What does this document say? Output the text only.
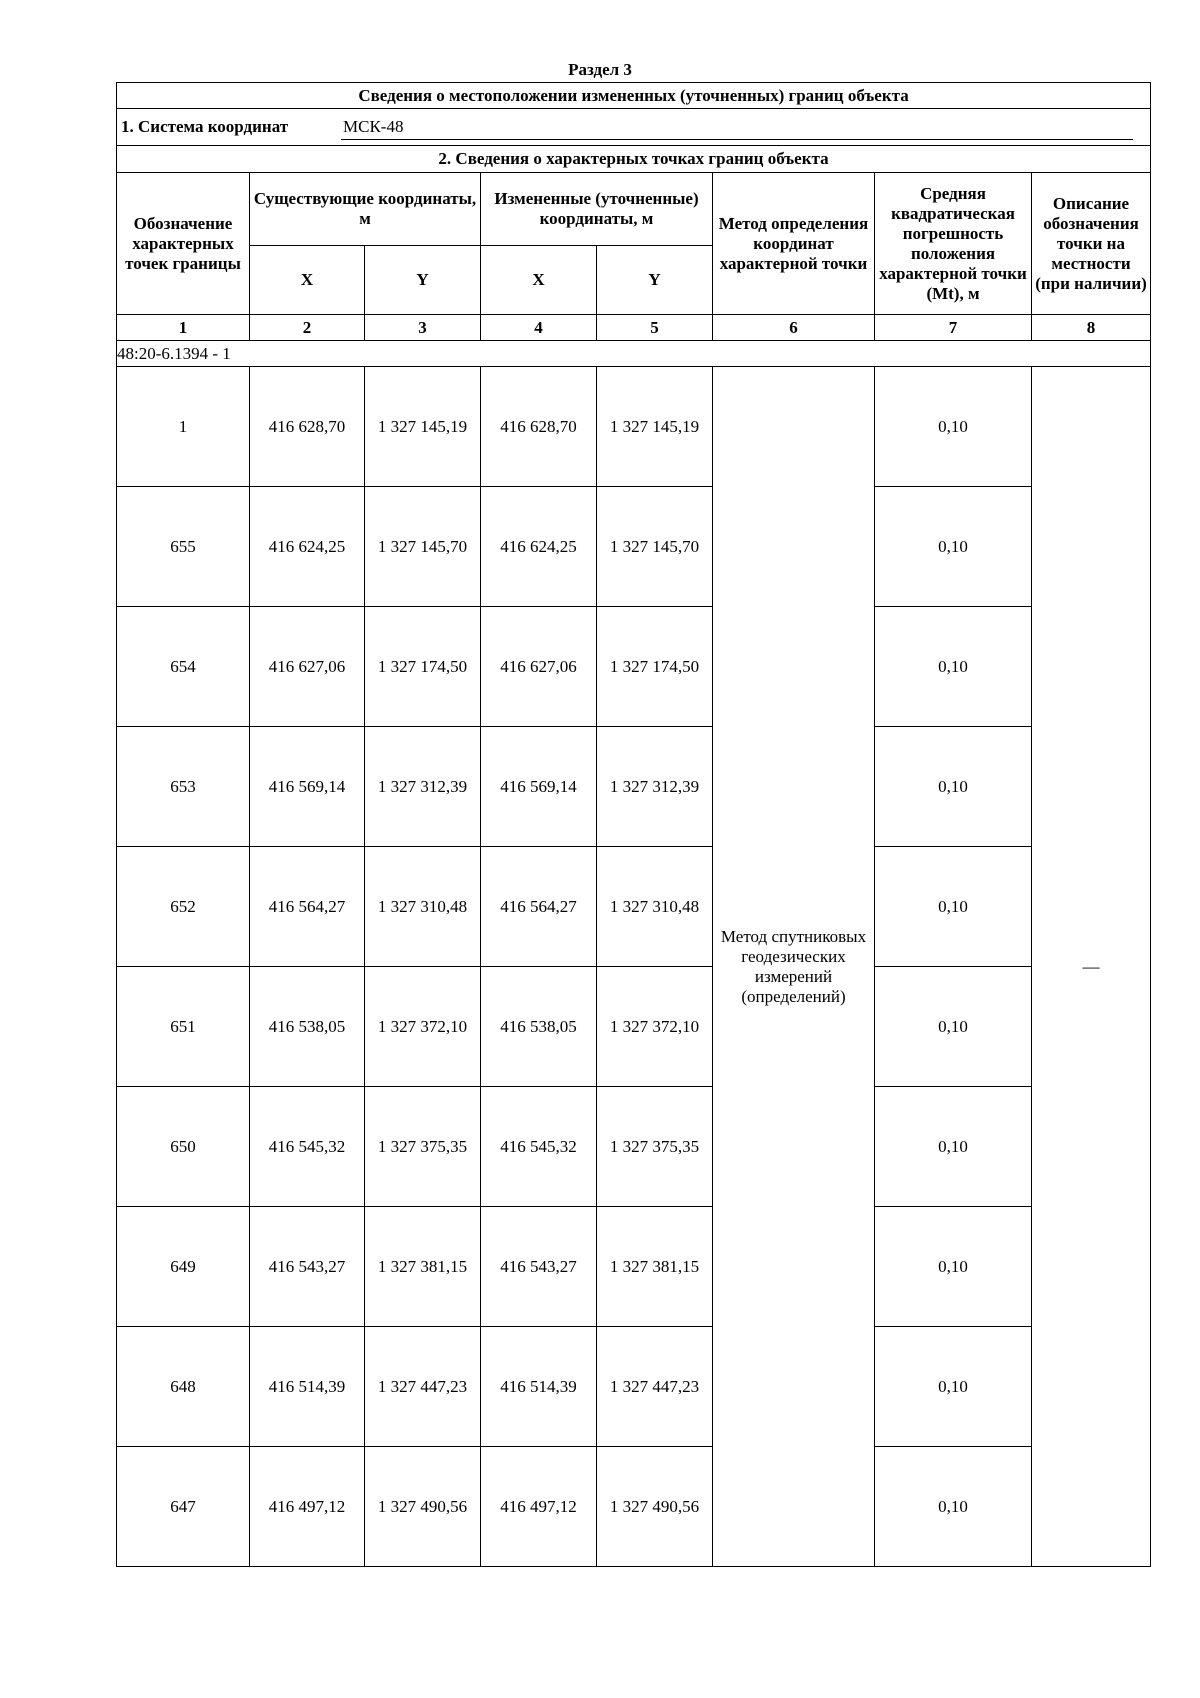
Раздел 3
Сведения о местоположении измененных (уточненных) границ объекта							
1. Система координат МСК-48							
2. Сведения о характерных точках границ объекта							
Обозначение характерных точек границы	Существующие координаты, м		Измененные (уточненные) координаты, м		Метод определения координат характерной точки	Средняя квадратическая погрешность положения характерной точки (Mt), м	Описание обозначения точки на местности (при наличии)
	X	Y	X	Y			
1	2	3	4	5	6	7	8
48:20-6.1394 - 1							
1	416 628,70	1 327 145,19	416 628,70	1 327 145,19	Метод спутниковых геодезических измерений (определений)	0,10	—
655	416 624,25	1 327 145,70	416 624,25	1 327 145,70		0,10	
654	416 627,06	1 327 174,50	416 627,06	1 327 174,50		0,10	
653	416 569,14	1 327 312,39	416 569,14	1 327 312,39		0,10	
652	416 564,27	1 327 310,48	416 564,27	1 327 310,48		0,10	
651	416 538,05	1 327 372,10	416 538,05	1 327 372,10		0,10	
650	416 545,32	1 327 375,35	416 545,32	1 327 375,35		0,10	
649	416 543,27	1 327 381,15	416 543,27	1 327 381,15		0,10	
648	416 514,39	1 327 447,23	416 514,39	1 327 447,23		0,10	
647	416 497,12	1 327 490,56	416 497,12	1 327 490,56		0,10	
